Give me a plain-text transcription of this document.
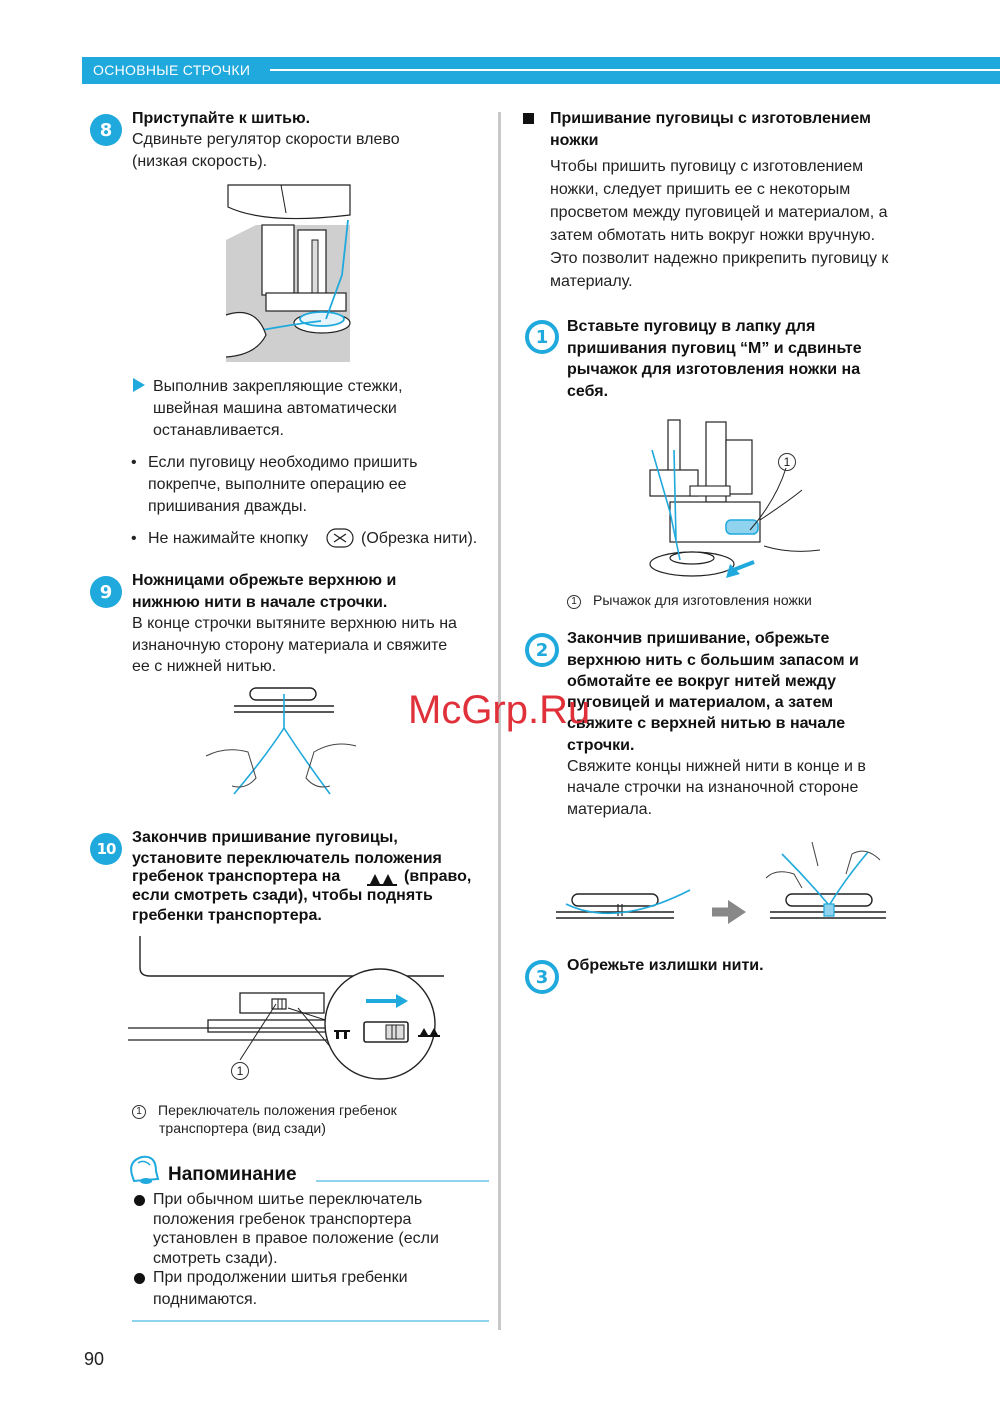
ОСНОВНЫЕ СТРОЧКИ
8
Приступайте к шитью.
Сдвиньте регулятор скорости влево
(низкая скорость).
Выполнив закрепляющие стежки,
швейная машина автоматически
останавливается.
• Если пуговицу необходимо пришить
покрепче, выполните операцию ее
пришивания дважды.
• Не нажимайте кнопку	(Обрезка нити).
9
Ножницами обрежьте верхнюю и
нижнюю нити в начале строчки.
В конце строчки вытяните верхнюю нить на
изнаночную сторону материала и свяжите
ее с нижней нитью.
10
Закончив пришивание пуговицы,
установите переключатель положения
гребенок транспортера на	(вправо,
если смотреть сзади), чтобы поднять
гребенки транспортера.
1
1 Переключатель положения гребенок
транспортера (вид сзади)
Напоминание
При обычном шитье переключатель
положения гребенок транспортера
установлен в правое положение (если
смотреть сзади).
При продолжении шитья гребенки
поднимаются.
Пришивание пуговицы с изготовлением
ножки
Чтобы пришить пуговицу с изготовлением
ножки, следует пришить ее с некоторым
просветом между пуговицей и материалом, а
затем обмотать нить вокруг ножки вручную.
Это позволит надежно прикрепить пуговицу к
материалу.
1	Вставьте пуговицу в лапку для
пришивания пуговиц “M” и сдвиньте
рычажок для изготовления ножки на
себя.
1
1 Рычажок для изготовления ножки
2
Закончив пришивание, обрежьте
верхнюю нить с большим запасом и
обмотайте ее вокруг нитей между
пуговицей и материалом, а затем
свяжите с верхней нитью в начале
строчки.
Свяжите концы нижней нити в конце и в
начале строчки на изнаночной стороне
материала.
3
Обрежьте излишки нити.
McGrp.Ru
90
